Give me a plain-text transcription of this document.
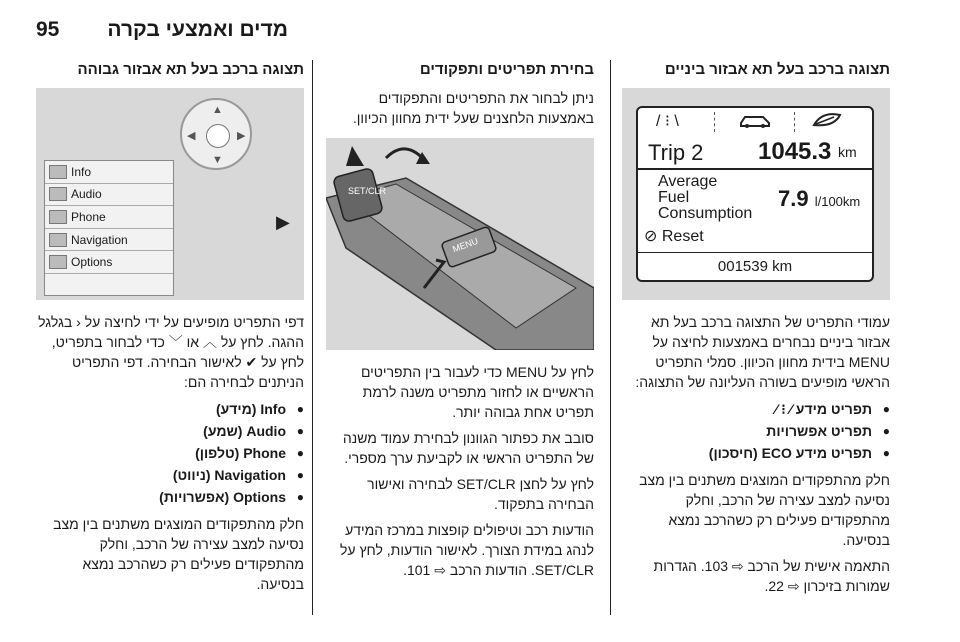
95 מדים ואמצעי בקרה
תצוגה ברכב בעל תא אבזור ביניים
/ ⁝ \
Trip 2 1045.3 km
Average
Fuel
Consumption
7.9 l/100km
⊘ Reset
001539 km
עמודי התפריט של התצוגה ברכב בעל תא אבזור ביניים נבחרים באמצעות לחיצה על MENU בידית מחוון הכיוון. סמלי התפריט הראשי מופיעים בשורה העליונה של התצוגה:
● תפריט מידע ⁄ ⁝ ⁄
● תפריט אפשרויות
● תפריט מידע ECO (חיסכון)
חלק מהתפקודים המוצגים משתנים בין מצב נסיעה למצב עצירה של הרכב, וחלק מהתפקודים פעילים רק כשהרכב נמצא בנסיעה.
התאמה אישית של הרכב ⇨ 103. הגדרות שמורות בזיכרון ⇨ 22.
בחירת תפריטים ותפקודים
ניתן לבחור את התפריטים והתפקודים באמצעות הלחצנים שעל ידית מחוון הכיוון.
SET/CLR
MENU
לחץ על MENU כדי לעבור בין התפריטים הראשיים או לחזור מתפריט משנה לרמת תפריט אחת גבוהה יותר.
סובב את כפתור הגוונון לבחירת עמוד משנה של התפריט הראשי או לקביעת ערך מספרי.
לחץ על לחצן SET/CLR לבחירה ואישור הבחירה בתפקוד.
הודעות רכב וטיפולים קופצות במרכז המידע לנהג במידת הצורך. לאישור הודעות, לחץ על SET/CLR. הודעות הרכב ⇨ 101.
תצוגה ברכב בעל תא אבזור גבוהה
▲
▼
◀	▶
▶
Info
Audio
Phone
Navigation
Options
דפי התפריט מופיעים על ידי לחיצה על ‹ בגלגל ההגה. לחץ על ︿ או ﹀ כדי לבחור בתפריט, לחץ על ✔ לאישור הבחירה. דפי התפריט הניתנים לבחירה הם:
● Info (מידע)
● Audio (שמע)
● Phone (טלפון)
● Navigation (ניווט)
● Options (אפשרויות)
חלק מהתפקודים המוצגים משתנים בין מצב נסיעה למצב עצירה של הרכב, וחלק מהתפקודים פעילים רק כשהרכב נמצא בנסיעה.
